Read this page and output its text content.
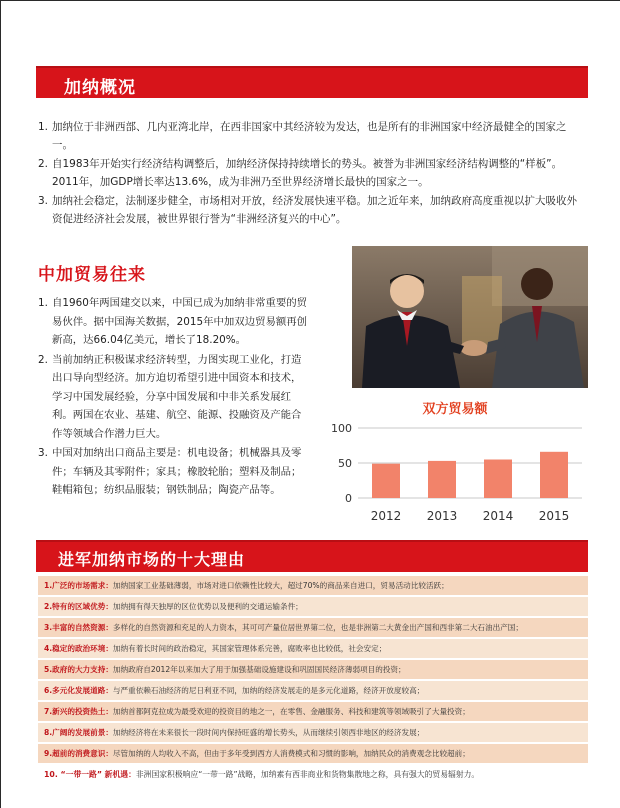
加纳概况
1. 加纳位于非洲西部、几内亚湾北岸，在西非国家中其经济较为发达，也是所有的非洲国家中经济最健全的国家之一。
2. 自1983年开始实行经济结构调整后，加纳经济保持持续增长的势头。被誉为非洲国家经济结构调整的“样板”。 2011年，加GDP增长率达13.6%，成为非洲乃至世界经济增长最快的国家之一。
3. 加纳社会稳定，法制逐步健全，市场相对开放，经济发展快速平稳。加之近年来，加纳政府高度重视以扩大吸收外资促进经济社会发展，被世界银行誉为“非洲经济复兴的中心”。
中加贸易往来
1. 自1960年两国建交以来，中国已成为加纳非常重要的贸易伙伴。据中国海关数据，2015年中加双边贸易额再创新高，达66.04亿美元，增长了18.20%。
2. 当前加纳正积极谋求经济转型，力图实现工业化，打造出口导向型经济。加方迫切希望引进中国资本和技术，学习中国发展经验，分享中国发展和中非关系发展红利。两国在农业、基建、航空、能源、投融资及产能合作等领域合作潜力巨大。
3. 中国对加纳出口商品主要是：机电设备；机械器具及零件；车辆及其零附件；家具；橡胶轮胎；塑料及制品；鞋帽箱包；纺织品服装；钢铁制品；陶瓷产品等。
双方贸易额
0
50
100
2012 2013 2014 2015
进军加纳市场的十大理由
1.广泛的市场需求：加纳国家工业基础薄弱，市场对进口依赖性比较大，超过70%的商品来自进口，贸易活动比较活跃；
2.特有的区域优势：加纳拥有得天独厚的区位优势以及便利的交通运输条件；
3.丰富的自然资源：多样化的自然资源和充足的人力资本，其可可产量位居世界第二位，也是非洲第二大黄金出产国和西非第二大石油出产国；
4.稳定的政治环境：加纳有着长时间的政治稳定，其国家管理体系完善，腐败率也比较低，社会安定；
5.政府的大力支持：加纳政府自2012年以来加大了用于加强基础设施建设和巩固国民经济薄弱项目的投资；
6.多元化发展道路：与严重依赖石油经济的尼日利亚不同，加纳的经济发展走的是多元化道路，经济开放度较高；
7.新兴的投资热土：加纳首都阿克拉成为最受欢迎的投资目的地之一，在零售、金融服务、科技和建筑等领域吸引了大量投资；
8.广阔的发展前景：加纳经济将在未来很长一段时间内保持旺盛的增长势头，从而继续引领西非地区的经济发展；
9.超前的消费意识：尽管加纳的人均收入不高，但由于多年受到西方人消费模式和习惯的影响，加纳民众的消费观念比较超前；
10. “一带一路” 新机遇：非洲国家积极响应“一带一路”战略，加纳素有西非商业和货物集散地之称，具有强大的贸易辐射力。
